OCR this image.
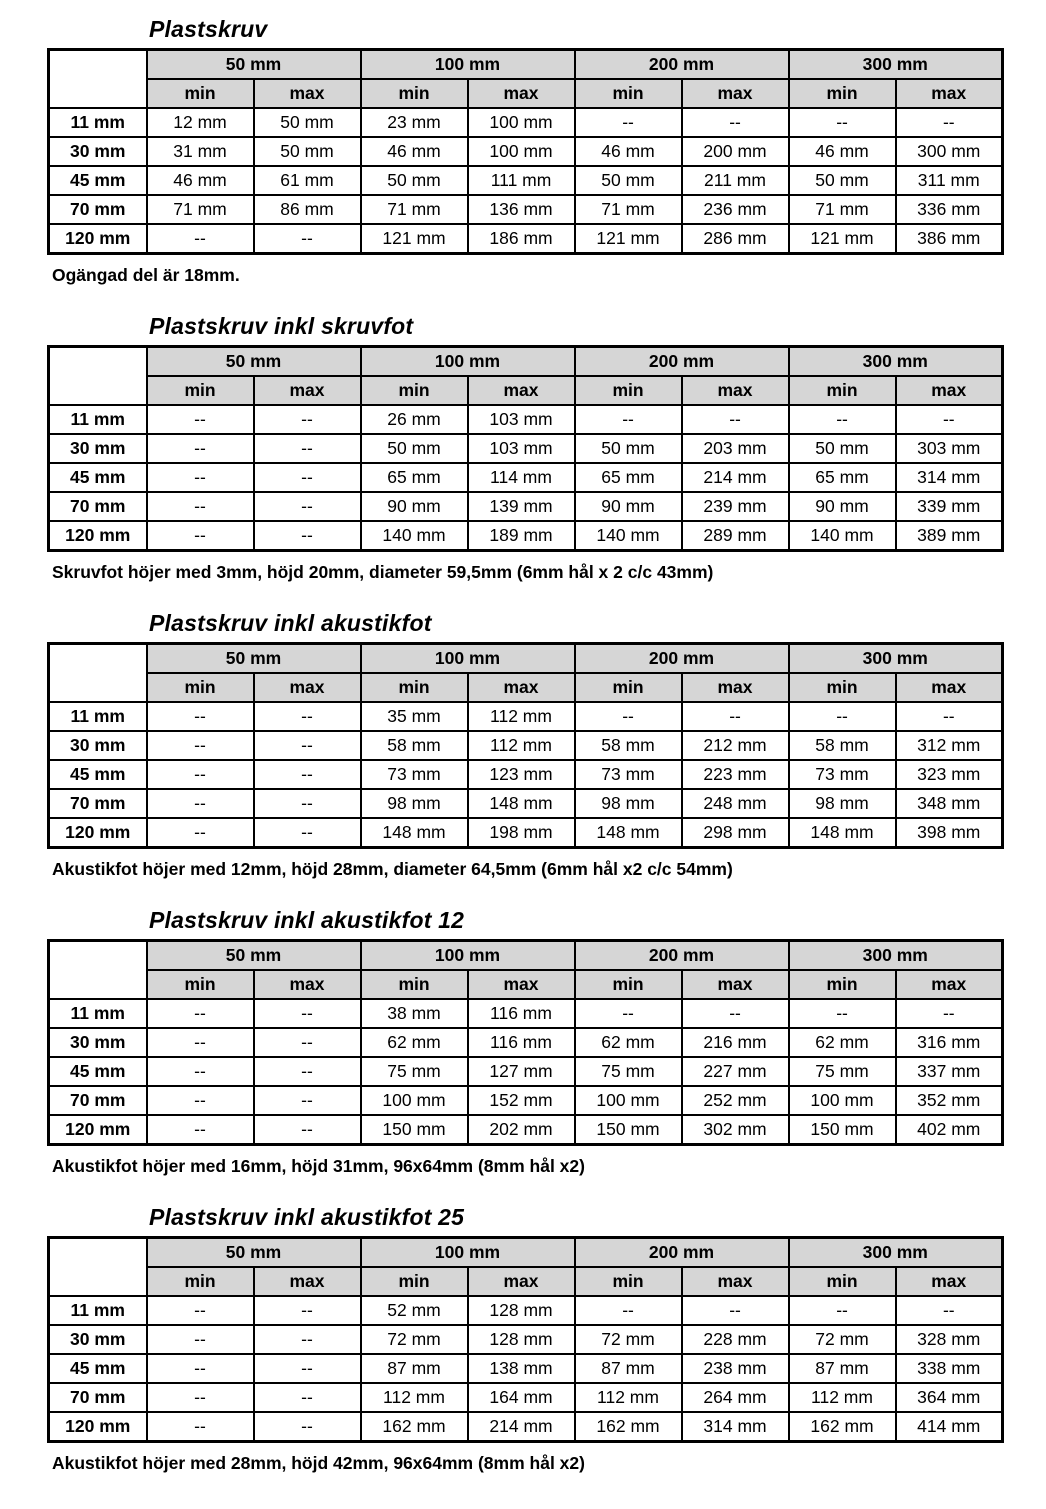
Plastskruv
	50 mm		100 mm		200 mm		300 mm	
	min	max	min	max	min	max	min	max
11 mm	12 mm	50 mm	23 mm	100 mm	--	--	--	--
30 mm	31 mm	50 mm	46 mm	100 mm	46 mm	200 mm	46 mm	300 mm
45 mm	46 mm	61 mm	50 mm	111 mm	50 mm	211 mm	50 mm	311 mm
70 mm	71 mm	86 mm	71 mm	136 mm	71 mm	236 mm	71 mm	336 mm
120 mm	--	--	121 mm	186 mm	121 mm	286 mm	121 mm	386 mm

Ogängad del är 18mm.

Plastskruv inkl skruvfot
	50 mm		100 mm		200 mm		300 mm	
	min	max	min	max	min	max	min	max
11 mm	--	--	26 mm	103 mm	--	--	--	--
30 mm	--	--	50 mm	103 mm	50 mm	203 mm	50 mm	303 mm
45 mm	--	--	65 mm	114 mm	65 mm	214 mm	65 mm	314 mm
70 mm	--	--	90 mm	139 mm	90 mm	239 mm	90 mm	339 mm
120 mm	--	--	140 mm	189 mm	140 mm	289 mm	140 mm	389 mm

Skruvfot höjer med 3mm, höjd 20mm, diameter 59,5mm (6mm hål x 2 c/c 43mm)

Plastskruv inkl akustikfot
	50 mm		100 mm		200 mm		300 mm	
	min	max	min	max	min	max	min	max
11 mm	--	--	35 mm	112 mm	--	--	--	--
30 mm	--	--	58 mm	112 mm	58 mm	212 mm	58 mm	312 mm
45 mm	--	--	73 mm	123 mm	73 mm	223 mm	73 mm	323 mm
70 mm	--	--	98 mm	148 mm	98 mm	248 mm	98 mm	348 mm
120 mm	--	--	148 mm	198 mm	148 mm	298 mm	148 mm	398 mm

Akustikfot höjer med 12mm, höjd 28mm, diameter 64,5mm (6mm hål x2 c/c 54mm)

Plastskruv inkl akustikfot 12
	50 mm		100 mm		200 mm		300 mm	
	min	max	min	max	min	max	min	max
11 mm	--	--	38 mm	116 mm	--	--	--	--
30 mm	--	--	62 mm	116 mm	62 mm	216 mm	62 mm	316 mm
45 mm	--	--	75 mm	127 mm	75 mm	227 mm	75 mm	337 mm
70 mm	--	--	100 mm	152 mm	100 mm	252 mm	100 mm	352 mm
120 mm	--	--	150 mm	202 mm	150 mm	302 mm	150 mm	402 mm

Akustikfot höjer med 16mm, höjd 31mm, 96x64mm (8mm hål x2)

Plastskruv inkl akustikfot 25
	50 mm		100 mm		200 mm		300 mm	
	min	max	min	max	min	max	min	max
11 mm	--	--	52 mm	128 mm	--	--	--	--
30 mm	--	--	72 mm	128 mm	72 mm	228 mm	72 mm	328 mm
45 mm	--	--	87 mm	138 mm	87 mm	238 mm	87 mm	338 mm
70 mm	--	--	112 mm	164 mm	112 mm	264 mm	112 mm	364 mm
120 mm	--	--	162 mm	214 mm	162 mm	314 mm	162 mm	414 mm

Akustikfot höjer med 28mm, höjd 42mm, 96x64mm (8mm hål x2)
